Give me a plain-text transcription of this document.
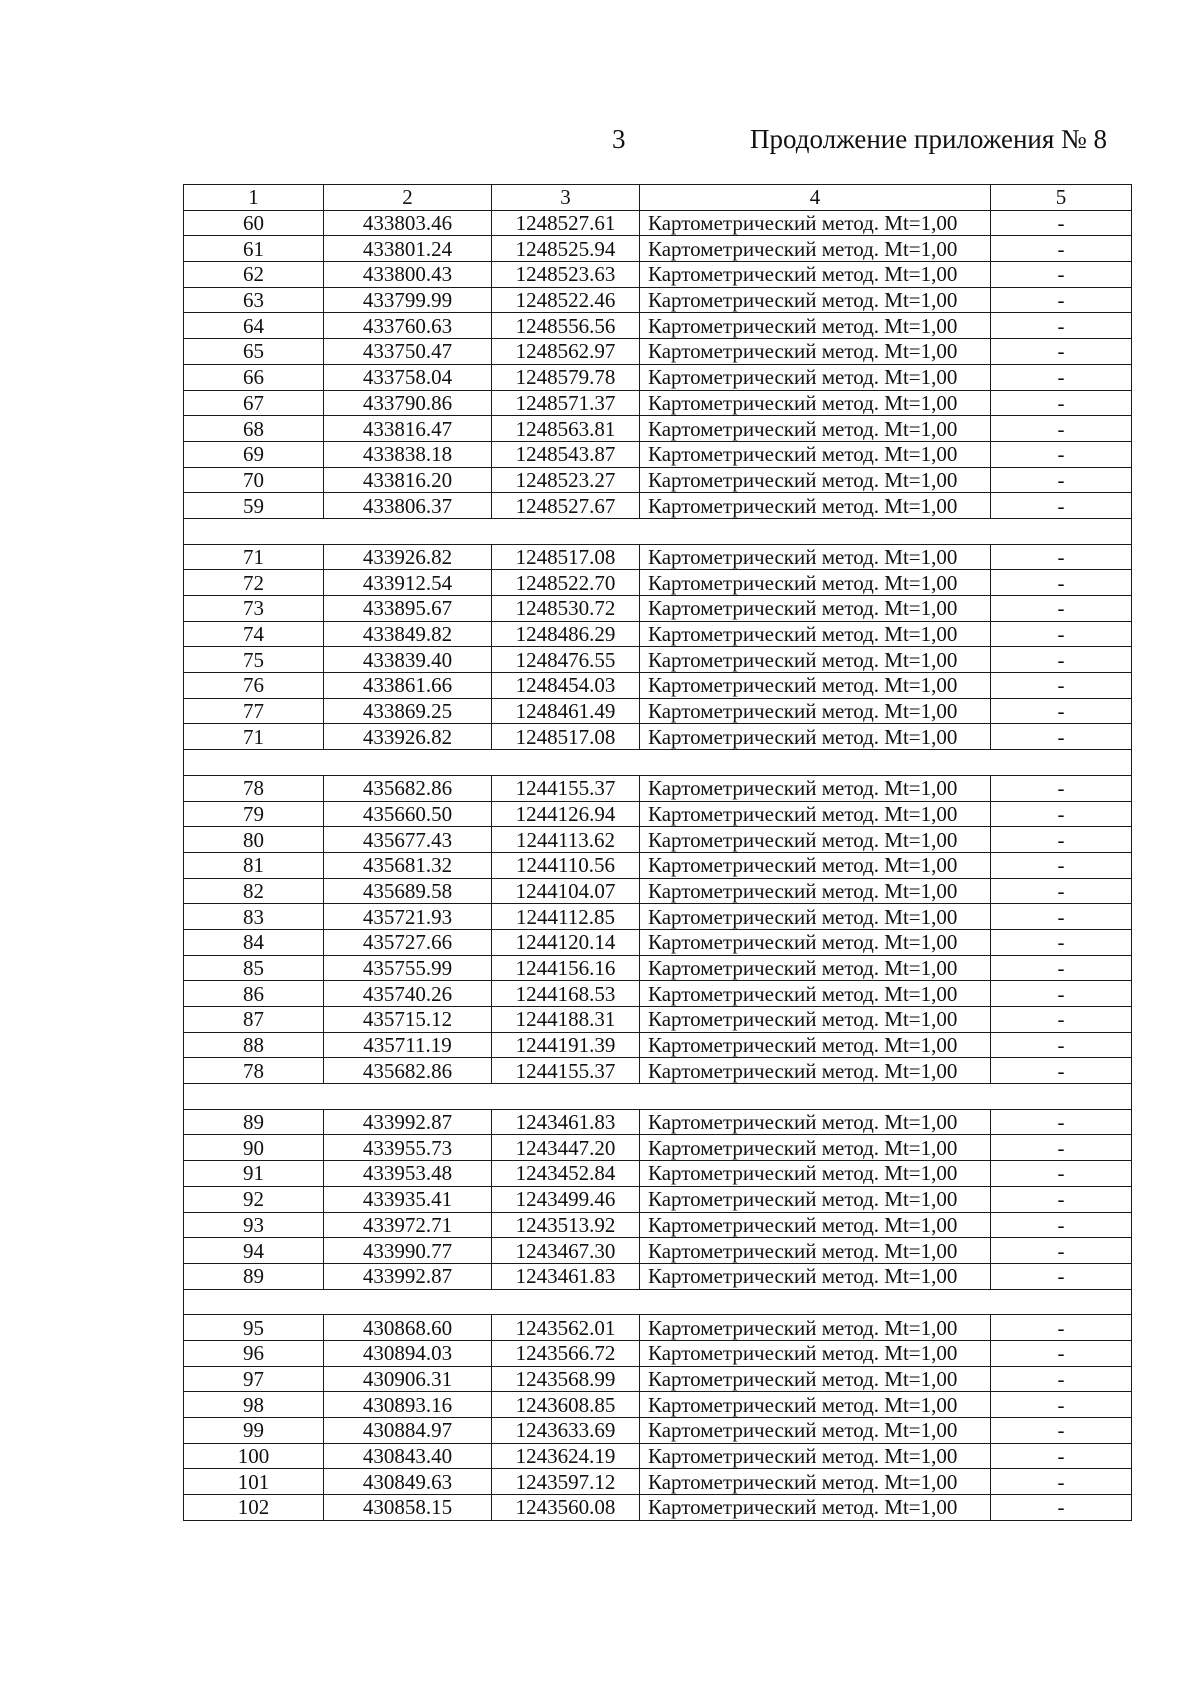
3	Продолжение приложения № 8
1	2	3	4	5
60	433803.46	1248527.61	Картометрический метод. Mt=1,00	-
61	433801.24	1248525.94	Картометрический метод. Mt=1,00	-
62	433800.43	1248523.63	Картометрический метод. Mt=1,00	-
63	433799.99	1248522.46	Картометрический метод. Mt=1,00	-
64	433760.63	1248556.56	Картометрический метод. Mt=1,00	-
65	433750.47	1248562.97	Картометрический метод. Mt=1,00	-
66	433758.04	1248579.78	Картометрический метод. Mt=1,00	-
67	433790.86	1248571.37	Картометрический метод. Mt=1,00	-
68	433816.47	1248563.81	Картометрический метод. Mt=1,00	-
69	433838.18	1248543.87	Картометрический метод. Mt=1,00	-
70	433816.20	1248523.27	Картометрический метод. Mt=1,00	-
59	433806.37	1248527.67	Картометрический метод. Mt=1,00	-

71	433926.82	1248517.08	Картометрический метод. Mt=1,00	-
72	433912.54	1248522.70	Картометрический метод. Mt=1,00	-
73	433895.67	1248530.72	Картометрический метод. Mt=1,00	-
74	433849.82	1248486.29	Картометрический метод. Mt=1,00	-
75	433839.40	1248476.55	Картометрический метод. Mt=1,00	-
76	433861.66	1248454.03	Картометрический метод. Mt=1,00	-
77	433869.25	1248461.49	Картометрический метод. Mt=1,00	-
71	433926.82	1248517.08	Картометрический метод. Mt=1,00	-

78	435682.86	1244155.37	Картометрический метод. Mt=1,00	-
79	435660.50	1244126.94	Картометрический метод. Mt=1,00	-
80	435677.43	1244113.62	Картометрический метод. Mt=1,00	-
81	435681.32	1244110.56	Картометрический метод. Mt=1,00	-
82	435689.58	1244104.07	Картометрический метод. Mt=1,00	-
83	435721.93	1244112.85	Картометрический метод. Mt=1,00	-
84	435727.66	1244120.14	Картометрический метод. Mt=1,00	-
85	435755.99	1244156.16	Картометрический метод. Mt=1,00	-
86	435740.26	1244168.53	Картометрический метод. Mt=1,00	-
87	435715.12	1244188.31	Картометрический метод. Mt=1,00	-
88	435711.19	1244191.39	Картометрический метод. Mt=1,00	-
78	435682.86	1244155.37	Картометрический метод. Mt=1,00	-

89	433992.87	1243461.83	Картометрический метод. Mt=1,00	-
90	433955.73	1243447.20	Картометрический метод. Mt=1,00	-
91	433953.48	1243452.84	Картометрический метод. Mt=1,00	-
92	433935.41	1243499.46	Картометрический метод. Mt=1,00	-
93	433972.71	1243513.92	Картометрический метод. Mt=1,00	-
94	433990.77	1243467.30	Картометрический метод. Mt=1,00	-
89	433992.87	1243461.83	Картометрический метод. Mt=1,00	-

95	430868.60	1243562.01	Картометрический метод. Mt=1,00	-
96	430894.03	1243566.72	Картометрический метод. Mt=1,00	-
97	430906.31	1243568.99	Картометрический метод. Mt=1,00	-
98	430893.16	1243608.85	Картометрический метод. Mt=1,00	-
99	430884.97	1243633.69	Картометрический метод. Mt=1,00	-
100	430843.40	1243624.19	Картометрический метод. Mt=1,00	-
101	430849.63	1243597.12	Картометрический метод. Mt=1,00	-
102	430858.15	1243560.08	Картометрический метод. Mt=1,00	-
